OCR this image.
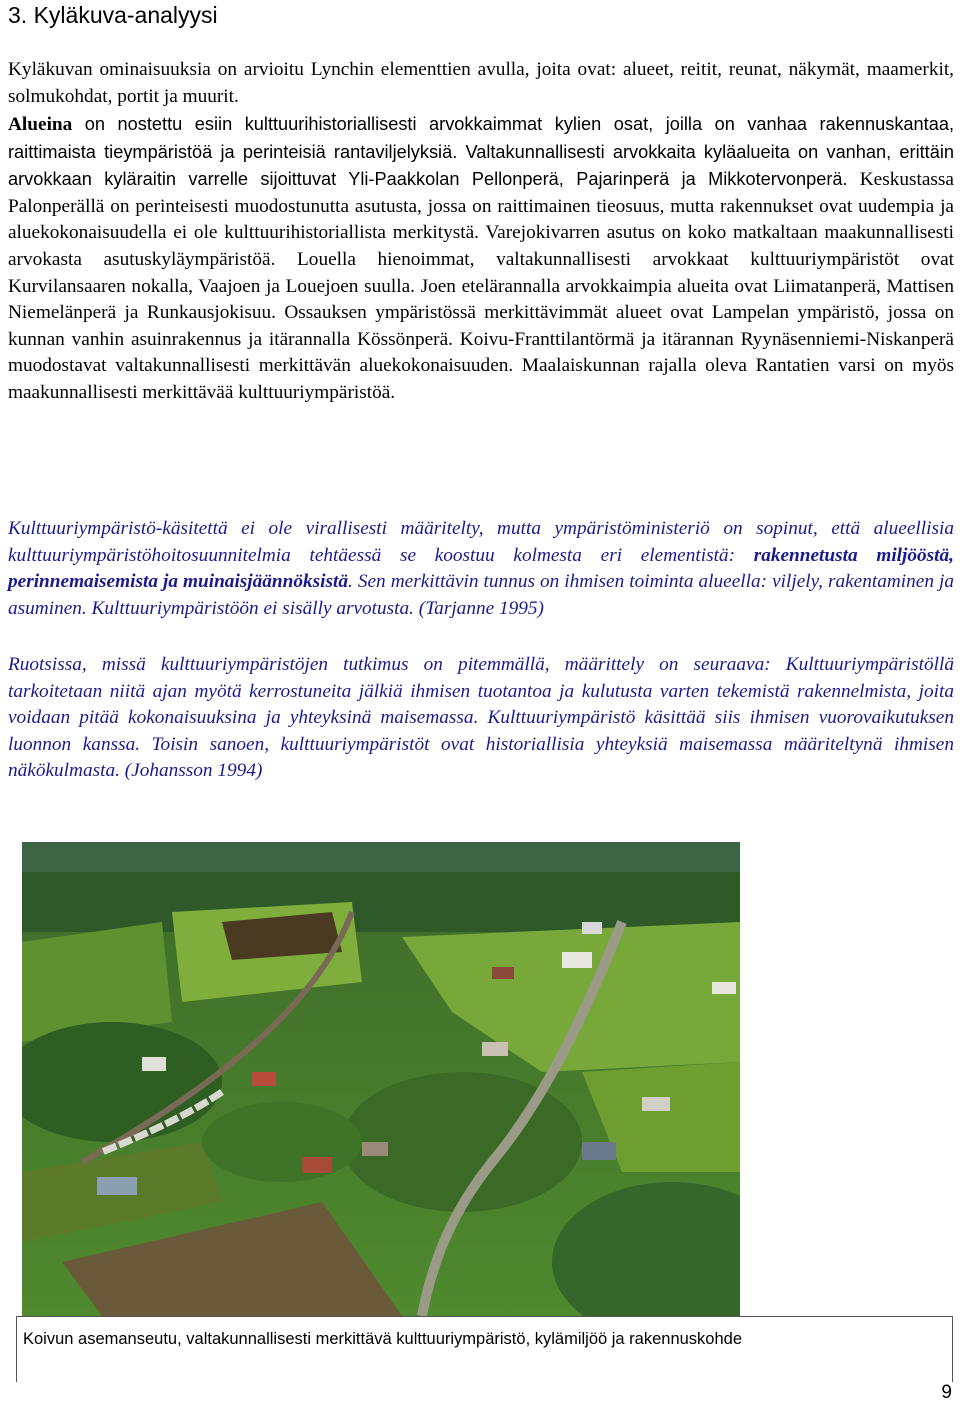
3. Kyläkuva-analyysi

Kyläkuvan ominaisuuksia on arvioitu Lynchin elementtien avulla, joita ovat: alueet, reitit, reunat, näkymät, maamerkit, solmukohdat, portit ja muurit.

Alueina on nostettu esiin kulttuurihistoriallisesti arvokkaimmat kylien osat, joilla on vanhaa rakennuskantaa, raittimaista tieympäristöä ja perinteisiä rantaviljelyksiä. Valtakunnallisesti arvokkaita kyläalueita on vanhan, erittäin arvokkaan kyläraitin varrelle sijoittuvat Yli-Paakkolan Pellonperä, Pajarinperä ja Mikkotervonperä. Keskustassa Palonperällä on perinteisesti muodostunutta asutusta, jossa on raittimainen tieosuus, mutta rakennukset ovat uudempia ja aluekokonaisuudella ei ole kulttuurihistoriallista merkitystä. Varejokivarren asutus on koko matkaltaan maakunnallisesti arvokasta asutuskyläympäristöä. Louella hienoimmat, valtakunnallisesti arvokkaat kulttuuriympäristöt ovat Kurvilansaaren nokalla, Vaajoen ja Louejoen suulla. Joen etelärannalla arvokkaimpia alueita ovat Liimatanperä, Mattisen Niemelänperä ja Runkausjokisuu. Ossauksen ympäristössä merkittävimmät alueet ovat Lampelan ympäristö, jossa on kunnan vanhin asuinrakennus ja itärannalla Kössönperä. Koivu-Franttilantörmä ja itärannan Ryynäsenniemi-Niskanperä muodostavat valtakunnallisesti merkittävän aluekokonaisuuden. Maalaiskunnan rajalla oleva Rantatien varsi on myös maakunnallisesti merkittävää kulttuuriympäristöä.

Kulttuuriympäristö-käsitettä ei ole virallisesti määritelty, mutta ympäristöministeriö on sopinut, että alueellisia kulttuuriympäristöhoitosuunnitelmia tehtäessä se koostuu kolmesta eri elementistä: rakennetusta miljööstä, perinnemaisemista ja muinaisjäännöksistä. Sen merkittävin tunnus on ihmisen toiminta alueella: viljely, rakentaminen ja asuminen. Kulttuuriympäristöön ei sisälly arvotusta. (Tarjanne 1995)

Ruotsissa, missä kulttuuriympäristöjen tutkimus on pitemmällä, määrittely on seuraava: Kulttuuriympäristöllä tarkoitetaan niitä ajan myötä kerrostuneita jälkiä ihmisen tuotantoa ja kulutusta varten tekemistä rakennelmista, joita voidaan pitää kokonaisuuksina ja yhteyksinä maisemassa. Kulttuuriympäristö käsittää siis ihmisen vuorovaikutuksen luonnon kanssa. Toisin sanoen, kulttuuriympäristöt ovat historiallisia yhteyksiä maisemassa määriteltynä ihmisen näkökulmasta. (Johansson 1994)

Koivun asemanseutu, valtakunnallisesti merkittävä kulttuuriympäristö, kylämiljöö ja rakennuskohde
9
